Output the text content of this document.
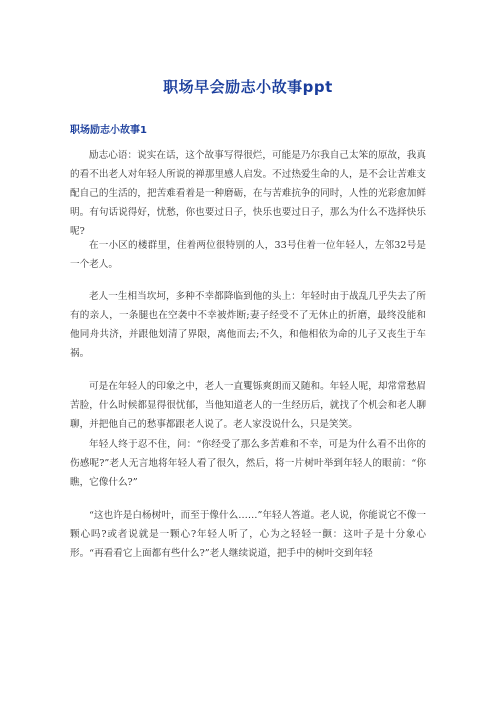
职场早会励志小故事ppt
职场励志小故事1

励志心语：说实在话，这个故事写得很烂，可能是乃尔我自己太笨的原故，我真的看不出老人对年轻人所说的禅那里感人启发。不过热爱生命的人，是不会让苦难支配自己的生活的，把苦难看着是一种磨砺，在与苦难抗争的同时，人性的光彩愈加鲜明。有句话说得好，忧愁，你也要过日子，快乐也要过日子，那么为什么不选择快乐呢?

在一小区的楼群里，住着两位很特别的人，33号住着一位年轻人，左邻32号是一个老人。

老人一生相当坎坷，多种不幸都降临到他的头上：年轻时由于战乱几乎失去了所有的亲人，一条腿也在空袭中不幸被炸断;妻子经受不了无休止的折磨，最终没能和他同舟共济，并跟他划清了界限，离他而去;不久，和他相依为命的儿子又丧生于车祸。

可是在年轻人的印象之中，老人一直矍铄爽朗而又随和。年轻人呢，却常常愁眉苦脸，什么时候都显得很忧郁，当他知道老人的一生经历后，就找了个机会和老人聊聊，并把他自己的愁事都跟老人说了。老人家没说什么，只是笑笑。

年轻人终于忍不住，问：“你经受了那么多苦难和不幸，可是为什么看不出你的伤感呢?”老人无言地将年轻人看了很久，然后，将一片树叶举到年轻人的眼前：“你瞧，它像什么?”

“这也许是白杨树叶，而至于像什么……”年轻人答道。老人说，你能说它不像一颗心吗?或者说就是一颗心?年轻人听了，心为之轻轻一颤：这叶子是十分象心形。“再看看它上面都有些什么?”老人继续说道，把手中的树叶交到年轻
